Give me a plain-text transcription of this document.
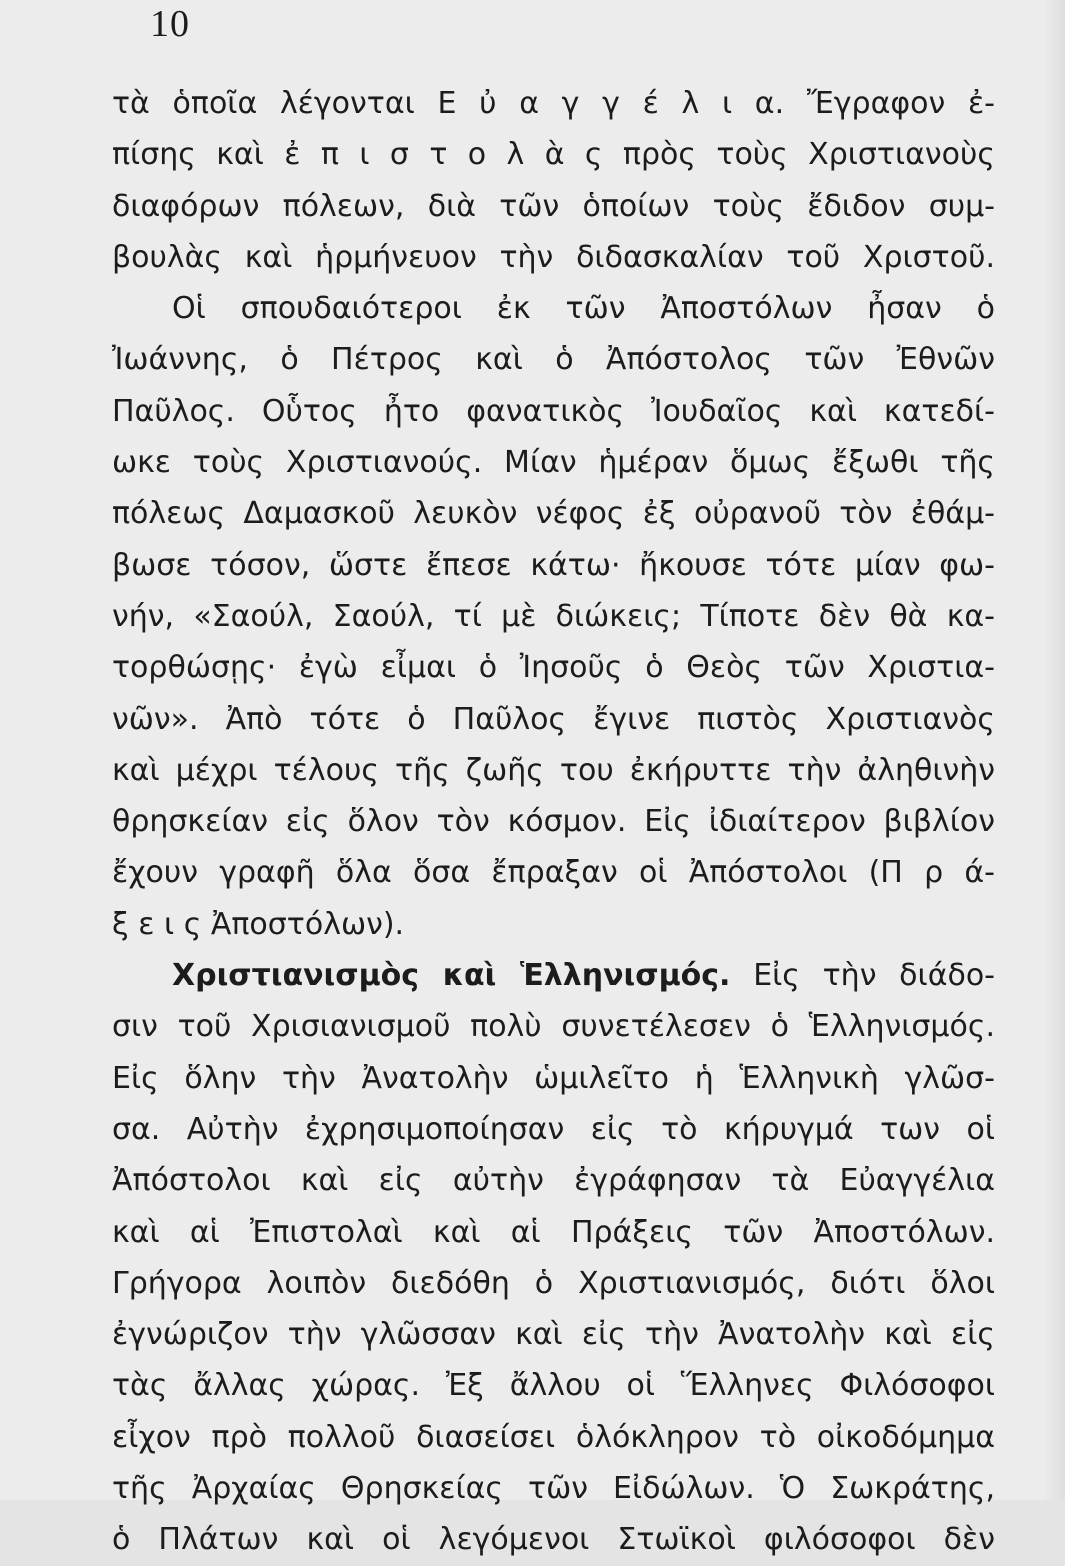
10
τὰ ὁποῖα λέγονται Ε ὐ α γ γ έ λ ι α. Ἔγραφον ἐ-
πίσης καὶ ἐ π ι σ τ ο λ ὰ ς πρὸς τοὺς Χριστιανοὺς
διαφόρων πόλεων, διὰ τῶν ὁποίων τοὺς ἔδιδον συμ-
βουλὰς καὶ ἡρμήνευον τὴν διδασκαλίαν τοῦ Χριστοῦ.
Οἱ σπουδαιότεροι ἐκ τῶν Ἀποστόλων ἦσαν ὁ
Ἰωάννης, ὁ Πέτρος καὶ ὁ Ἀπόστολος τῶν Ἐθνῶν
Παῦλος. Οὗτος ἦτο φανατικὸς Ἰουδαῖος καὶ κατεδί-
ωκε τοὺς Χριστιανούς. Μίαν ἡμέραν ὅμως ἔξωθι τῆς
πόλεως Δαμασκοῦ λευκὸν νέφος ἐξ οὐρανοῦ τὸν ἐθάμ-
βωσε τόσον, ὥστε ἔπεσε κάτω· ἤκουσε τότε μίαν φω-
νήν, «Σαούλ, Σαούλ, τί μὲ διώκεις; Τίποτε δὲν θὰ κα-
τορθώσῃς· ἐγὼ εἶμαι ὁ Ἰησοῦς ὁ Θεὸς τῶν Χριστια-
νῶν». Ἀπὸ τότε ὁ Παῦλος ἔγινε πιστὸς Χριστιανὸς
καὶ μέχρι τέλους τῆς ζωῆς του ἐκήρυττε τὴν ἀληθινὴν
θρησκείαν εἰς ὅλον τὸν κόσμον. Εἰς ἰδιαίτερον βιβλίον
ἔχουν γραφῆ ὅλα ὅσα ἔπραξαν οἱ Ἀπόστολοι (Π ρ ά-
ξ ε ι ς Ἀποστόλων).
Χριστιανισμὸς καὶ Ἑλληνισμός. Εἰς τὴν διάδο-
σιν τοῦ Χρισιανισμοῦ πολὺ συνετέλεσεν ὁ Ἑλληνισμός.
Εἰς ὅλην τὴν Ἀνατολὴν ὡμιλεῖτο ἡ Ἑλληνικὴ γλῶσ-
σα. Αὐτὴν ἐχρησιμοποίησαν εἰς τὸ κήρυγμά των οἱ
Ἀπόστολοι καὶ εἰς αὐτὴν ἐγράφησαν τὰ Εὐαγγέλια
καὶ αἱ Ἐπιστολαὶ καὶ αἱ Πράξεις τῶν Ἀποστόλων.
Γρήγορα λοιπὸν διεδόθη ὁ Χριστιανισμός, διότι ὅλοι
ἐγνώριζον τὴν γλῶσσαν καὶ εἰς τὴν Ἀνατολὴν καὶ εἰς
τὰς ἄλλας χώρας. Ἐξ ἄλλου οἱ Ἕλληνες Φιλόσοφοι
εἶχον πρὸ πολλοῦ διασείσει ὁλόκληρον τὸ οἰκοδόμημα
τῆς Ἀρχαίας Θρησκείας τῶν Εἰδώλων. Ὁ Σωκράτης,
ὁ Πλάτων καὶ οἱ λεγόμενοι Στωϊκοὶ φιλόσοφοι δὲν
